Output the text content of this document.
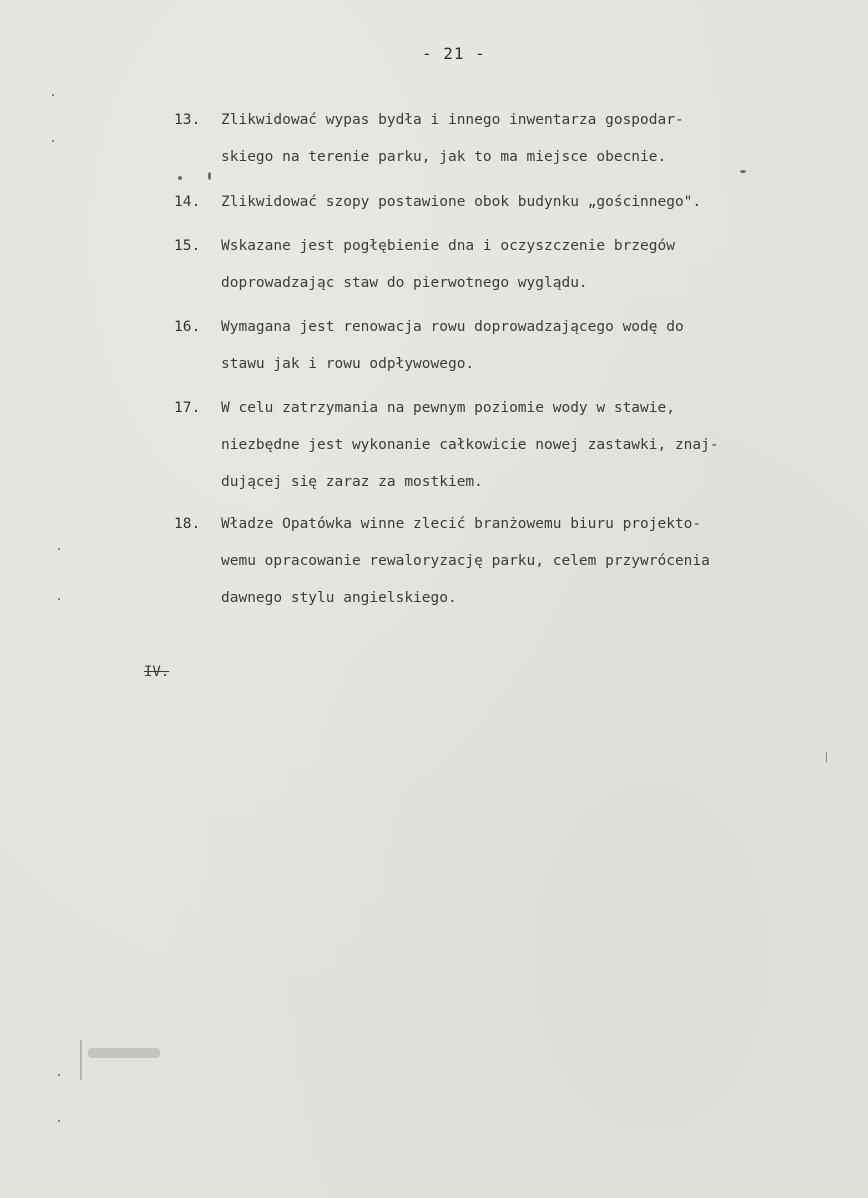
- 21 -
13. Zlikwidować wypas bydła i innego inwentarza gospodar-
skiego na terenie parku, jak to ma miejsce obecnie.
14. Zlikwidować szopy postawione obok budynku „gościnnego".
15. Wskazane jest pogłębienie dna i oczyszczenie brzegów
doprowadzając staw do pierwotnego wyglądu.
16. Wymagana jest renowacja rowu doprowadzającego wodę do
stawu jak i rowu odpływowego.
17. W celu zatrzymania na pewnym poziomie wody w stawie,
niezbędne jest wykonanie całkowicie nowej zastawki, znaj-
dującej się zaraz za mostkiem.
18. Władze Opatówka winne zlecić branżowemu biuru projekto-
wemu opracowanie rewaloryzację parku, celem przywrócenia
dawnego stylu angielskiego.
IV.
